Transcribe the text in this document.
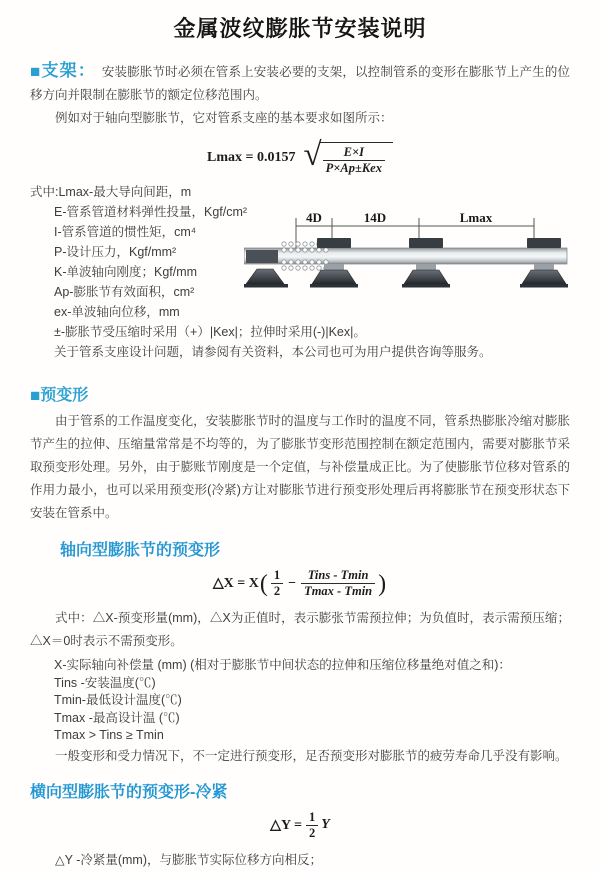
金属波纹膨胀节安装说明

■支架： 安装膨胀节时必须在管系上安装必要的支架，以控制管系的变形在膨胀节上产生的位移方向并限制在膨胀节的额定位移范围内。

例如对于轴向型膨胀节，它对管系支座的基本要求如图所示：

Lmax = 0.0157 √ $\frac{E\times I}{\text{P×Ap±Kex}}$
式中:Lmax-最大导向间距，m
E-管系管道材料弹性投量，Kgf/cm²
I-管系管道的惯性矩，cm⁴
P-设计压力，Kgf/mm²
K-单波轴向刚度；Kgf/mm
Ap-膨胀节有效面积，cm²
ex-单波轴向位移，mm
±-膨胀节受压缩时采用（+）|Kex|；拉伸时采用(-)|Kex|。
关于管系支座设计问题，请参阅有关资料，本公司也可为用户提供咨询等服务。
4D	14D	Lmax

■预变形

由于管系的工作温度变化，安装膨胀节时的温度与工作时的温度不同，管系热膨胀冷缩对膨胀节产生的拉伸、压缩量常常是不均等的，为了膨胀节变形范围控制在额定范围内，需要对膨胀节采取预变形处理。另外，由于膨账节刚度是一个定值，与补偿量成正比。为了使膨胀节位移对管系的作用力最小，也可以采用预变形(冷紧)方让对膨胀节进行预变形处理后再将膨胀节在预变形状态下安装在管系中。

轴向型膨胀节的预变形

△X = X ( $\frac{1}{2} - \frac{\text{Tins - Tmin}}{Tmax - Tmin}$ )

式中：△X-预变形量(mm)，△X为正值时，表示膨张节需预拉伸；为负值时，表示需预压缩；△X＝0时表示不需预变形。

X-实际轴向补偿量 (mm) (相对于膨胀节中间状态的拉伸和压缩位移量绝对值之和)：
Tins -安装温度(℃)
Tmin-最低设计温度(℃)
Tmax -最高设计温 (℃)
Tmax > Tins ≥ Tmin

一般变形和受力情况下，不一定进行预变形，足否预变形对膨胀节的疲劳寿命几乎没有影响。

横向型膨胀节的预变形-冷紧

△Y = $\frac{1}{2}$ Y

△Y -冷紧量(mm)，与膨胀节实际位移方向相反；
